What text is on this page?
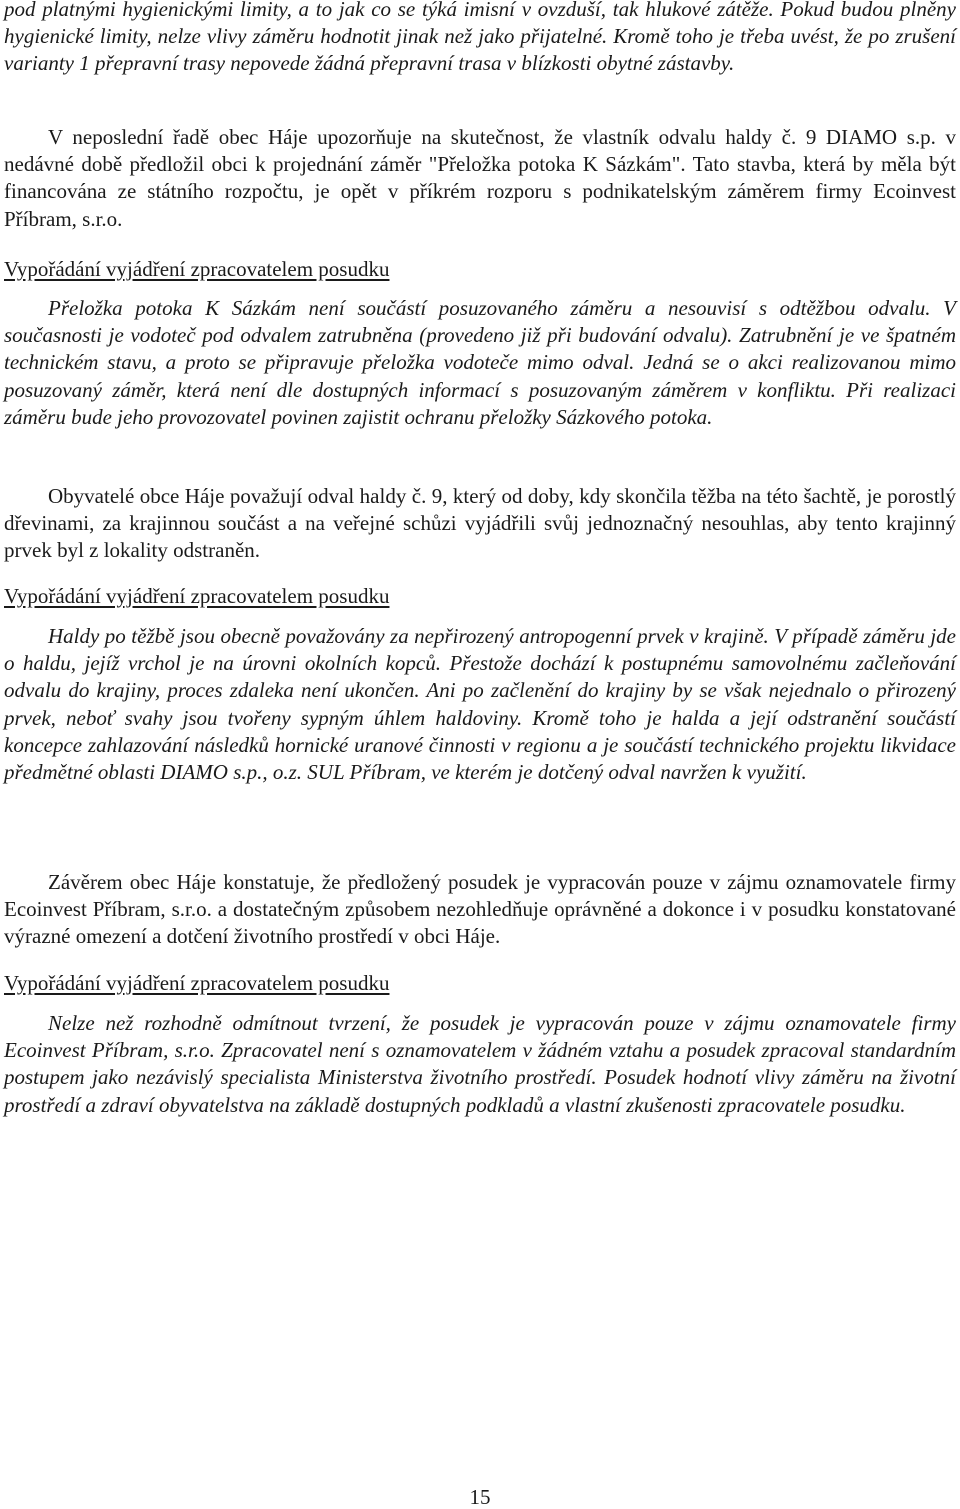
pod platnými hygienickými limity, a to jak co se týká imisní v ovzduší, tak hlukové zátěže. Pokud budou plněny hygienické limity, nelze vlivy záměru hodnotit jinak než jako přijatelné. Kromě toho je třeba uvést, že po zrušení varianty 1 přepravní trasy nepovede žádná přepravní trasa v blízkosti obytné zástavby.

V neposlední řadě obec Háje upozorňuje na skutečnost, že vlastník odvalu haldy č. 9 DIAMO s.p. v nedávné době předložil obci k projednání záměr "Přeložka potoka K Sázkám". Tato stavba, která by měla být financována ze státního rozpočtu, je opět v příkrém rozporu s podnikatelským záměrem firmy Ecoinvest Příbram, s.r.o.

Vypořádání vyjádření zpracovatelem posudku

Přeložka potoka K Sázkám není součástí posuzovaného záměru a nesouvisí s odtěžbou odvalu. V současnosti je vodoteč pod odvalem zatrubněna (provedeno již při budování odvalu). Zatrubnění je ve špatném technickém stavu, a proto se připravuje přeložka vodoteče mimo odval. Jedná se o akci realizovanou mimo posuzovaný záměr, která není dle dostupných informací s posuzovaným záměrem v konfliktu. Při realizaci záměru bude jeho provozovatel povinen zajistit ochranu přeložky Sázkového potoka.

Obyvatelé obce Háje považují odval haldy č. 9, který od doby, kdy skončila těžba na této šachtě, je porostlý dřevinami, za krajinnou součást a na veřejné schůzi vyjádřili svůj jednoznačný nesouhlas, aby tento krajinný prvek byl z lokality odstraněn.

Vypořádání vyjádření zpracovatelem posudku

Haldy po těžbě jsou obecně považovány za nepřirozený antropogenní prvek v krajině. V případě záměru jde o haldu, jejíž vrchol je na úrovni okolních kopců. Přestože dochází k postupnému samovolnému začleňování odvalu do krajiny, proces zdaleka není ukončen. Ani po začlenění do krajiny by se však nejednalo o přirozený prvek, neboť svahy jsou tvořeny sypným úhlem haldoviny. Kromě toho je halda a její odstranění součástí koncepce zahlazování následků hornické uranové činnosti v regionu a je součástí technického projektu likvidace předmětné oblasti DIAMO s.p., o.z. SUL Příbram, ve kterém je dotčený odval navržen k využití.

Závěrem obec Háje konstatuje, že předložený posudek je vypracován pouze v zájmu oznamovatele firmy Ecoinvest Příbram, s.r.o. a dostatečným způsobem nezohledňuje oprávněné a dokonce i v posudku konstatované výrazné omezení a dotčení životního prostředí v obci Háje.

Vypořádání vyjádření zpracovatelem posudku

Nelze než rozhodně odmítnout tvrzení, že posudek je vypracován pouze v zájmu oznamovatele firmy Ecoinvest Příbram, s.r.o. Zpracovatel není s oznamovatelem v žádném vztahu a posudek zpracoval standardním postupem jako nezávislý specialista Ministerstva životního prostředí. Posudek hodnotí vlivy záměru na životní prostředí a zdraví obyvatelstva na základě dostupných podkladů a vlastní zkušenosti zpracovatele posudku.

15
